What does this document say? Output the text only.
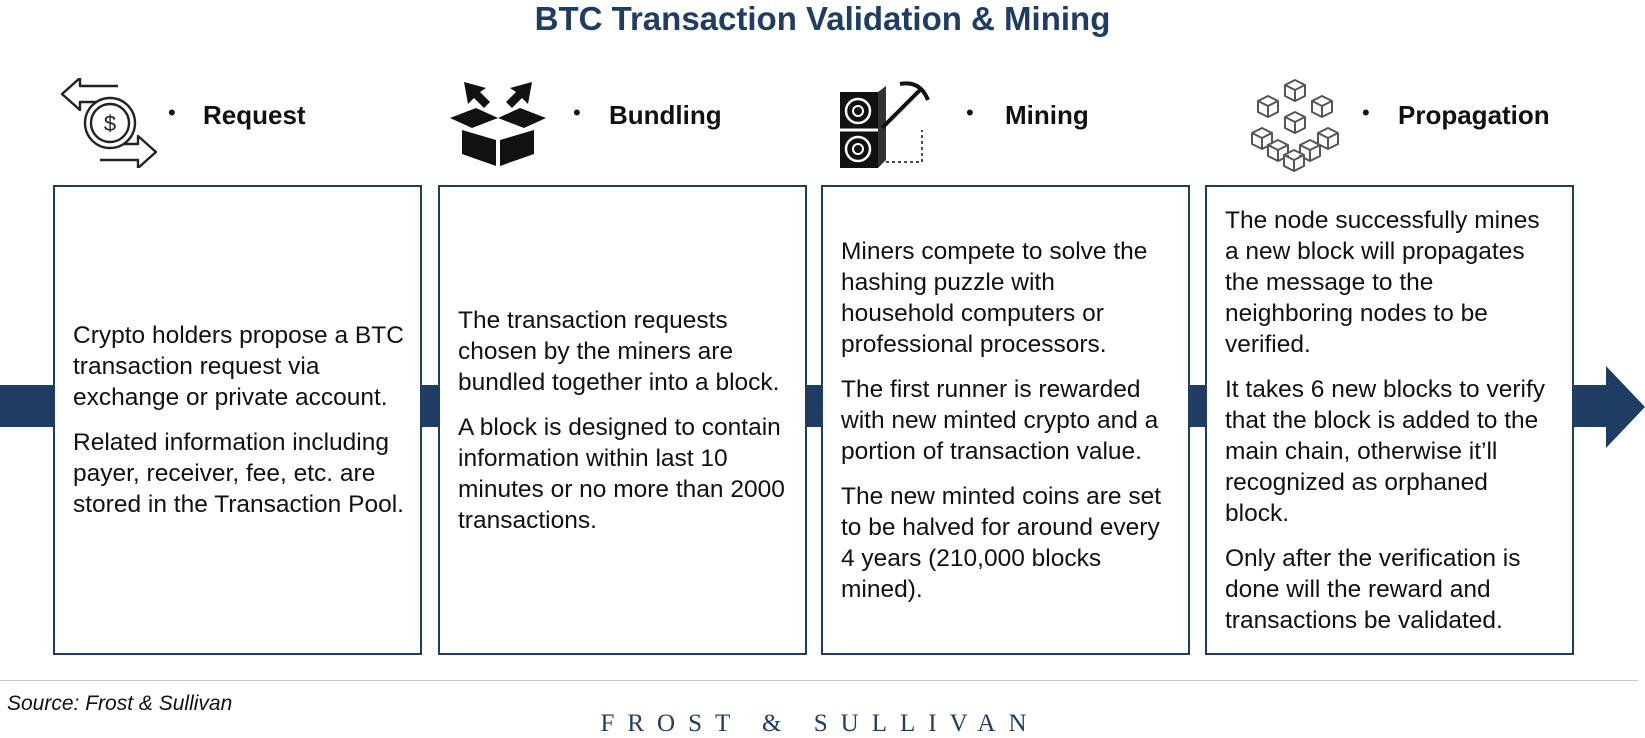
BTC Transaction Validation & Mining
$ • Request	• Bundling	• Mining	• Propagation

Crypto holders propose a BTC transaction request via exchange or private account.

Related information including payer, receiver, fee, etc. are stored in the Transaction Pool.

The transaction requests chosen by the miners are bundled together into a block.

A block is designed to contain information within last 10 minutes or no more than 2000 transactions.

Miners compete to solve the hashing puzzle with household computers or professional processors.

The first runner is rewarded with new minted crypto and a portion of transaction value.

The new minted coins are set to be halved for around every 4 years (210,000 blocks mined).

The node successfully mines a new block will propagates the message to the neighboring nodes to be verified.

It takes 6 new blocks to verify that the block is added to the main chain, otherwise it’ll recognized as orphaned block.

Only after the verification is done will the reward and transactions be validated.

Source: Frost & Sullivan
FROST & SULLIVAN
